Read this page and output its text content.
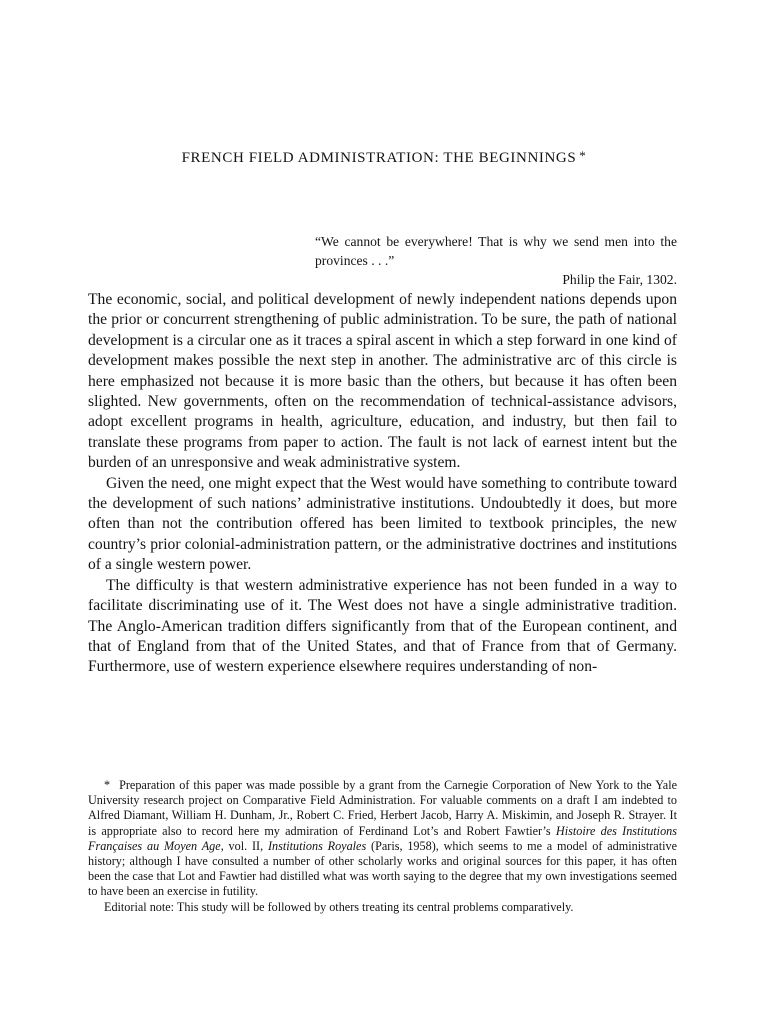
FRENCH FIELD ADMINISTRATION: THE BEGINNINGS *

“We cannot be everywhere! That is why we send men into the provinces . . .”

Philip the Fair, 1302.

The economic, social, and political development of newly independent nations depends upon the prior or concurrent strengthening of public administration. To be sure, the path of national development is a circular one as it traces a spiral ascent in which a step forward in one kind of development makes possible the next step in another. The administrative arc of this circle is here emphasized not because it is more basic than the others, but because it has often been slighted. New governments, often on the recommendation of technical-assistance advisors, adopt excellent programs in health, agriculture, education, and industry, but then fail to translate these programs from paper to action. The fault is not lack of earnest intent but the burden of an unresponsive and weak administrative system.

Given the need, one might expect that the West would have something to contribute toward the development of such nations’ administrative institutions. Undoubtedly it does, but more often than not the contribution offered has been limited to textbook principles, the new country’s prior colonial-administration pattern, or the administrative doctrines and institutions of a single western power.

The difficulty is that western administrative experience has not been funded in a way to facilitate discriminating use of it. The West does not have a single administrative tradition. The Anglo-American tradition differs significantly from that of the European continent, and that of England from that of the United States, and that of France from that of Germany. Furthermore, use of western experience elsewhere requires understanding of non-

* Preparation of this paper was made possible by a grant from the Carnegie Corporation of New York to the Yale University research project on Comparative Field Administration. For valuable comments on a draft I am indebted to Alfred Diamant, William H. Dunham, Jr., Robert C. Fried, Herbert Jacob, Harry A. Miskimin, and Joseph R. Strayer. It is appropriate also to record here my admiration of Ferdinand Lot’s and Robert Fawtier’s Histoire des Institutions Françaises au Moyen Age, vol. II, Institutions Royales (Paris, 1958), which seems to me a model of administrative history; although I have consulted a number of other scholarly works and original sources for this paper, it has often been the case that Lot and Fawtier had distilled what was worth saying to the degree that my own investigations seemed to have been an exercise in futility.

Editorial note: This study will be followed by others treating its central problems comparatively.
